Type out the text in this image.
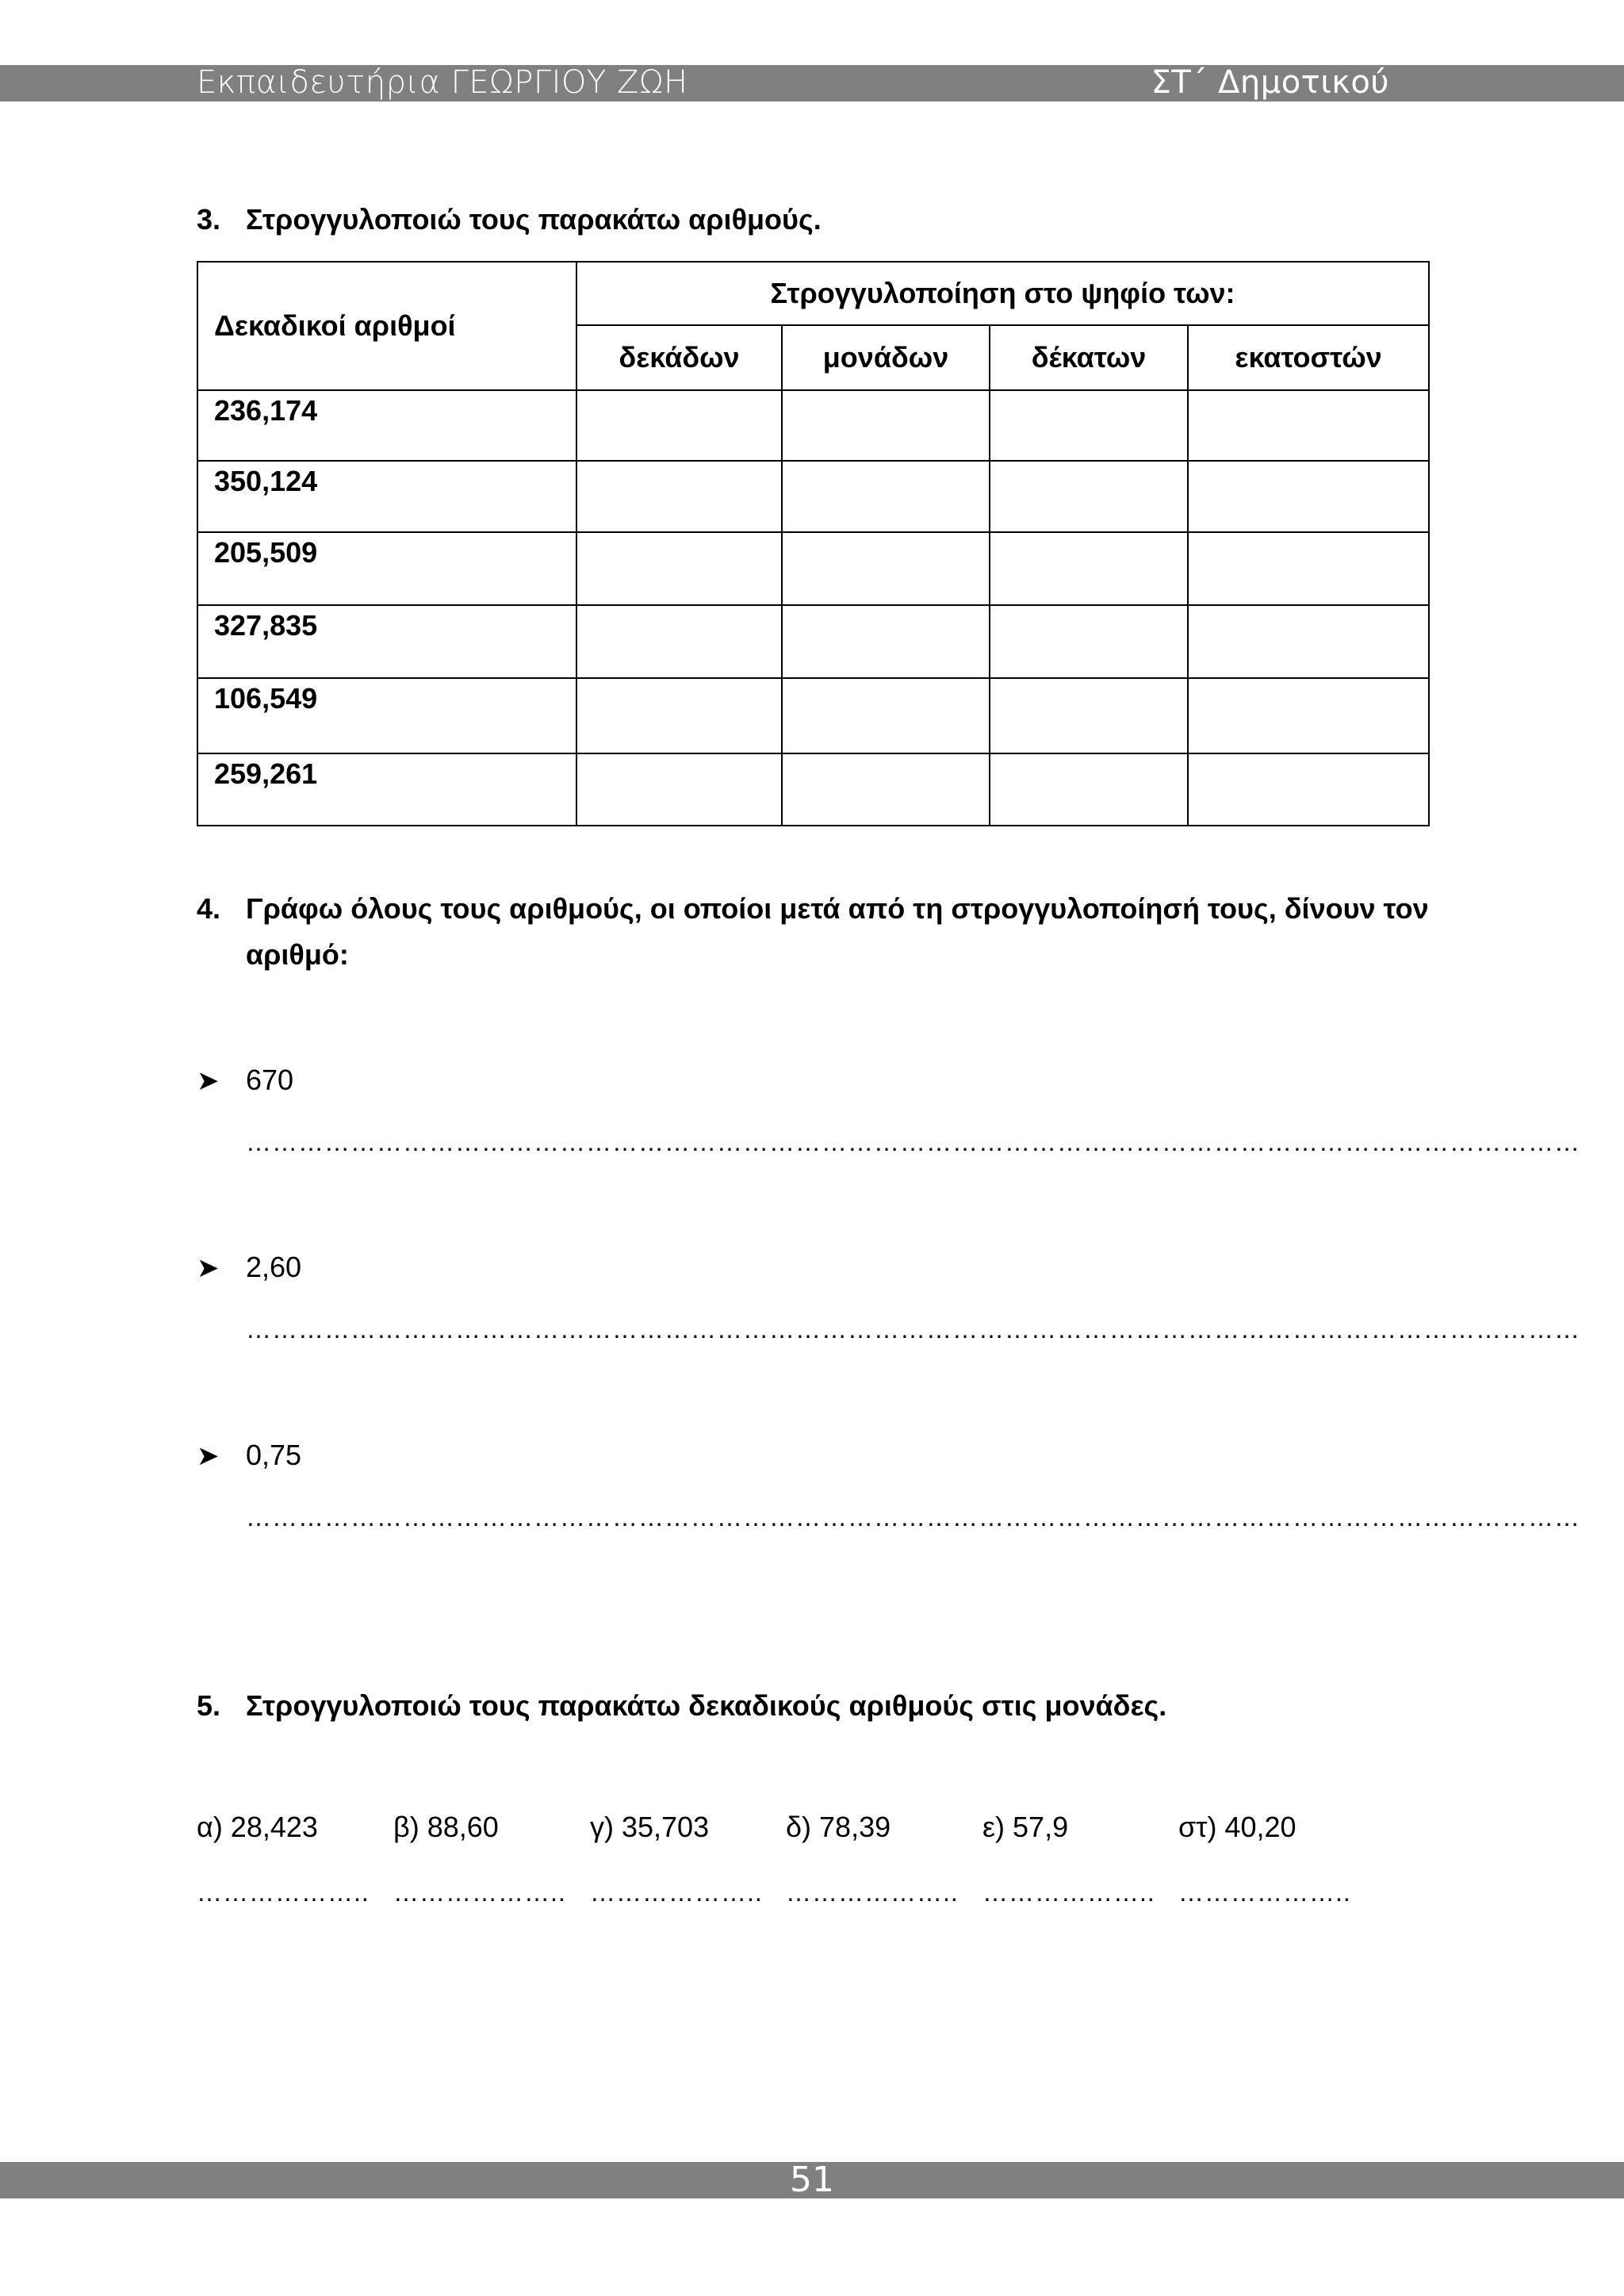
Εκπαιδευτήρια ΓΕΩΡΓΙΟΥ ΖΩΗ	ΣΤ΄ Δημοτικού
3. Στρογγυλοποιώ τους παρακάτω αριθμούς.
Δεκαδικοί αριθμοί	Στρογγυλοποίηση στο ψηφίο των:			
	δεκάδων	μονάδων	δέκατων	εκατοστών
236,174				
350,124				
205,509				
327,835				
106,549				
259,261				
4. Γράφω όλους τους αριθμούς, οι οποίοι μετά από τη στρογγυλοποίησή τους, δίνουν τον αριθμό:
➤ 670
………………………………………………………………………………………………………………………………………
➤ 2,60
………………………………………………………………………………………………………………………………………
➤ 0,75
………………………………………………………………………………………………………………………………………
5. Στρογγυλοποιώ τους παρακάτω δεκαδικούς αριθμούς στις μονάδες.
α) 28,423	β) 88,60	γ) 35,703	δ) 78,39	ε) 57,9	στ) 40,20
……………….. ……………….. ……………….. ……………….. ……………….. ………………..
51
